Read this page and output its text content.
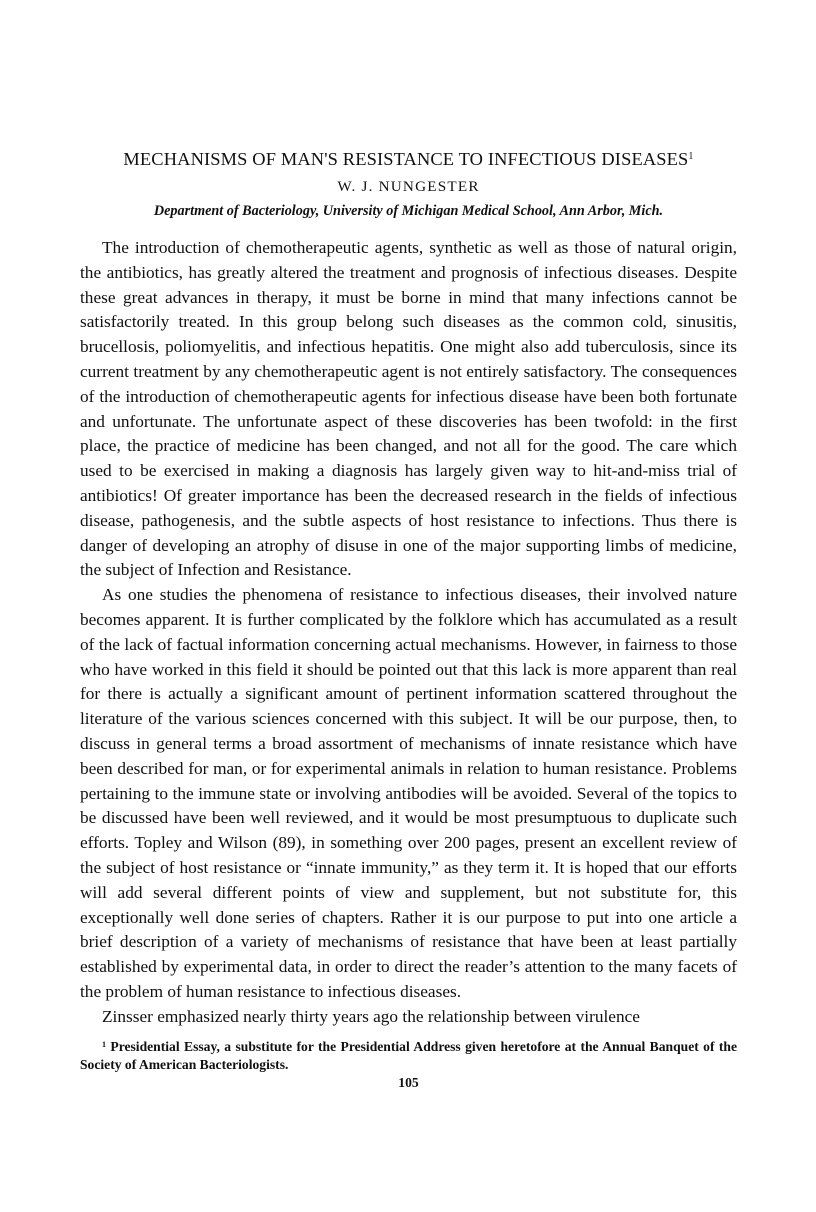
MECHANISMS OF MAN'S RESISTANCE TO INFECTIOUS DISEASES$^1$
W. J. NUNGESTER
Department of Bacteriology, University of Michigan Medical School, Ann Arbor, Mich.

The introduction of chemotherapeutic agents, synthetic as well as those of natural origin, the antibiotics, has greatly altered the treatment and prognosis of infectious diseases. Despite these great advances in therapy, it must be borne in mind that many infections cannot be satisfactorily treated. In this group belong such diseases as the common cold, sinusitis, brucellosis, poliomyelitis, and infectious hepatitis. One might also add tuberculosis, since its current treatment by any chemotherapeutic agent is not entirely satisfactory. The consequences of the introduction of chemotherapeutic agents for infectious disease have been both fortunate and unfortunate. The unfortunate aspect of these discoveries has been twofold: in the first place, the practice of medicine has been changed, and not all for the good. The care which used to be exercised in making a diagnosis has largely given way to hit-and-miss trial of antibiotics! Of greater importance has been the decreased research in the fields of infectious disease, pathogenesis, and the subtle aspects of host resistance to infections. Thus there is danger of developing an atrophy of disuse in one of the major supporting limbs of medicine, the subject of Infection and Resistance.

As one studies the phenomena of resistance to infectious diseases, their involved nature becomes apparent. It is further complicated by the folklore which has accumulated as a result of the lack of factual information concerning actual mechanisms. However, in fairness to those who have worked in this field it should be pointed out that this lack is more apparent than real for there is actually a significant amount of pertinent information scattered throughout the literature of the various sciences concerned with this subject. It will be our purpose, then, to discuss in general terms a broad assortment of mechanisms of innate resistance which have been described for man, or for experimental animals in relation to human resistance. Problems pertaining to the immune state or involving antibodies will be avoided. Several of the topics to be discussed have been well reviewed, and it would be most presumptuous to duplicate such efforts. Topley and Wilson (89), in something over 200 pages, present an excellent review of the subject of host resistance or “innate immunity,” as they term it. It is hoped that our efforts will add several different points of view and supplement, but not substitute for, this exceptionally well done series of chapters. Rather it is our purpose to put into one article a brief description of a variety of mechanisms of resistance that have been at least partially established by experimental data, in order to direct the reader’s attention to the many facets of the problem of human resistance to infectious diseases.

Zinsser emphasized nearly thirty years ago the relationship between virulence

$^1$ Presidential Essay, a substitute for the Presidential Address given heretofore at the Annual Banquet of the Society of American Bacteriologists.

105
